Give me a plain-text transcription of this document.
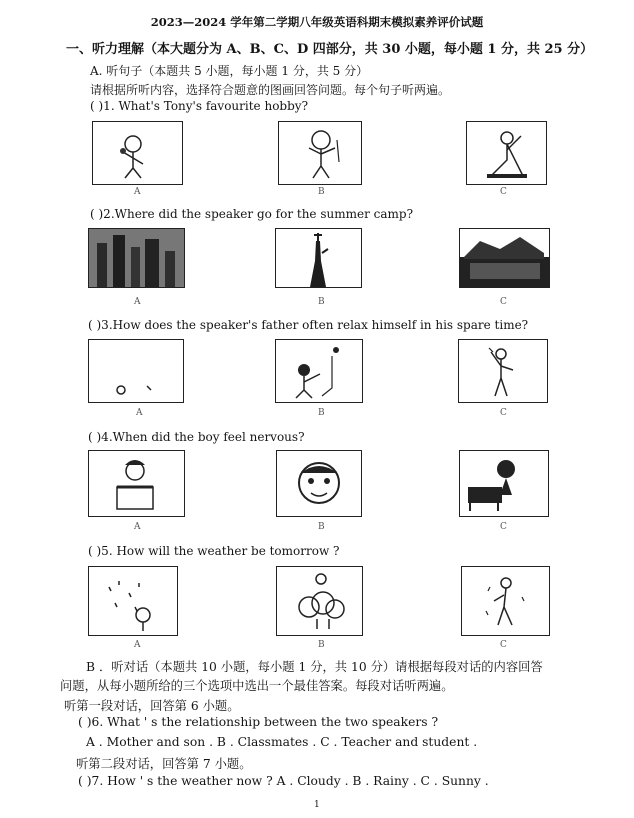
2023—2024 学年第二学期八年级英语科期末模拟素养评价试题
一、听力理解（本大题分为 A、B、C、D 四部分，共 30 小题，每小题 1 分，共 25 分）
A. 听句子（本题共 5 小题，每小题 1 分，共 5 分）
请根据所听内容，选择符合题意的图画回答问题。每个句子听两遍。
( )1. What's Tony's favourite hobby?
A	B	C
( )2.Where did the speaker go for the summer camp?
A	B	C
( )3.How does the speaker's father often relax himself in his spare time?
A	B	C
( )4.When did the boy feel nervous?
A	B	C
( )5. How will the weather be tomorrow ?
A	B	C
B ．听对话（本题共 10 小题，每小题 1 分，共 10 分）请根据每段对话的内容回答
问题，从每小题所给的三个选项中选出一个最佳答案。每段对话听两遍。
听第一段对话，回答第 6 小题。
( )6. What ' s the relationship between the two speakers ?
A . Mother and son . B . Classmates . C . Teacher and student .
听第二段对话，回答第 7 小题。
( )7. How ' s the weather now ? A . Cloudy . B . Rainy . C . Sunny .
1
